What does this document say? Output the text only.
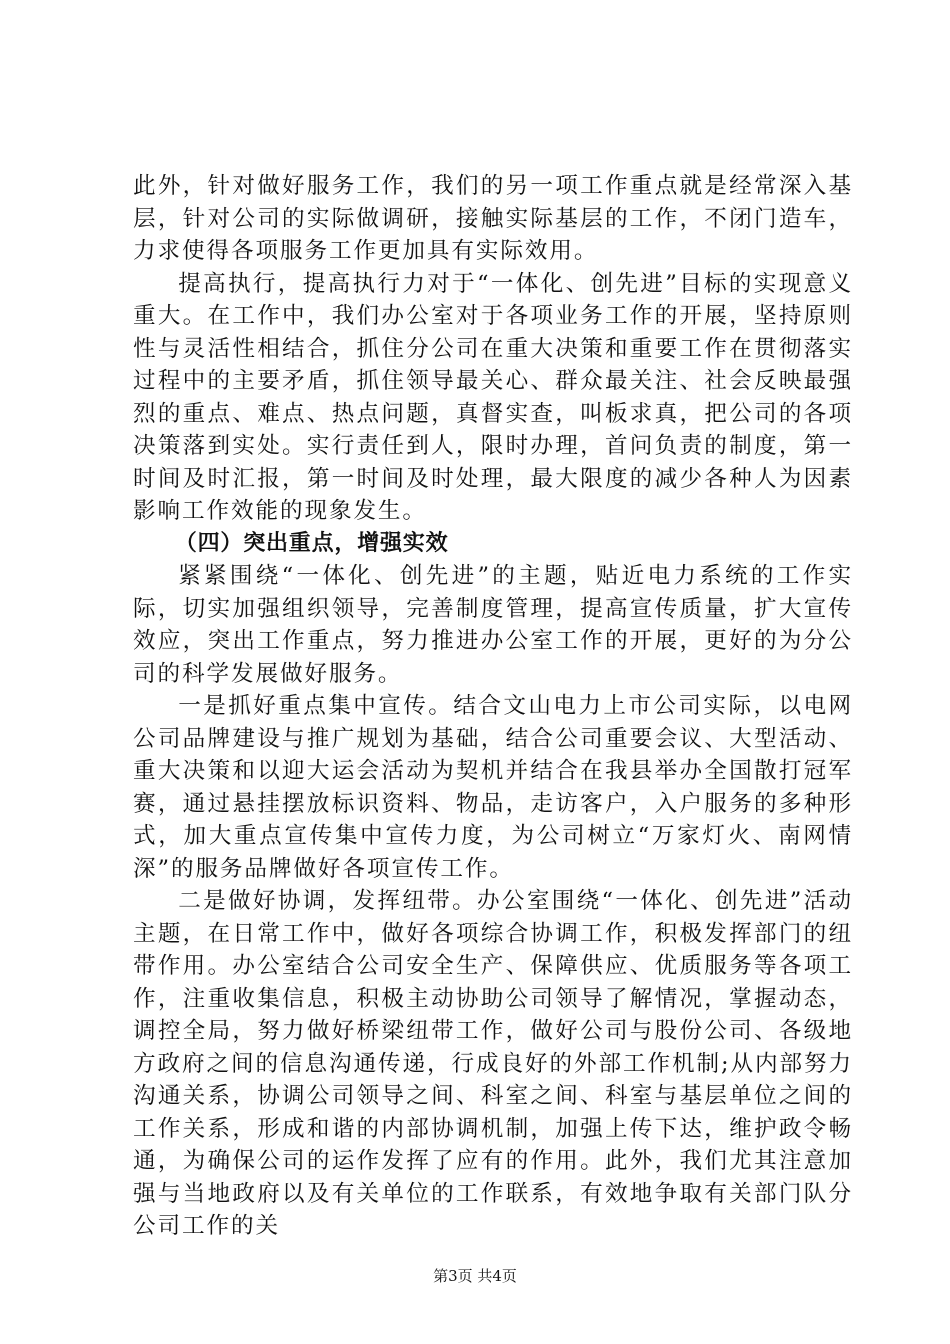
此外，针对做好服务工作，我们的另一项工作重点就是经常深入基层，针对公司的实际做调研，接触实际基层的工作，不闭门造车，力求使得各项服务工作更加具有实际效用。

提高执行，提高执行力对于“一体化、创先进”目标的实现意义重大。在工作中，我们办公室对于各项业务工作的开展，坚持原则性与灵活性相结合，抓住分公司在重大决策和重要工作在贯彻落实过程中的主要矛盾，抓住领导最关心、群众最关注、社会反映最强烈的重点、难点、热点问题，真督实查，叫板求真，把公司的各项决策落到实处。实行责任到人，限时办理，首问负责的制度，第一时间及时汇报，第一时间及时处理，最大限度的减少各种人为因素影响工作效能的现象发生。

（四）突出重点，增强实效

紧紧围绕“一体化、创先进”的主题，贴近电力系统的工作实际，切实加强组织领导，完善制度管理，提高宣传质量，扩大宣传效应，突出工作重点，努力推进办公室工作的开展，更好的为分公司的科学发展做好服务。

一是抓好重点集中宣传。结合文山电力上市公司实际，以电网公司品牌建设与推广规划为基础，结合公司重要会议、大型活动、重大决策和以迎大运会活动为契机并结合在我县举办全国散打冠军赛，通过悬挂摆放标识资料、物品，走访客户，入户服务的多种形式，加大重点宣传集中宣传力度，为公司树立“万家灯火、南网情深”的服务品牌做好各项宣传工作。

二是做好协调，发挥纽带。办公室围绕“一体化、创先进”活动主题，在日常工作中，做好各项综合协调工作，积极发挥部门的纽带作用。办公室结合公司安全生产、保障供应、优质服务等各项工作，注重收集信息，积极主动协助公司领导了解情况，掌握动态，调控全局，努力做好桥梁纽带工作，做好公司与股份公司、各级地方政府之间的信息沟通传递，行成良好的外部工作机制;从内部努力沟通关系，协调公司领导之间、科室之间、科室与基层单位之间的工作关系，形成和谐的内部协调机制，加强上传下达，维护政令畅通，为确保公司的运作发挥了应有的作用。此外，我们尤其注意加强与当地政府以及有关单位的工作联系，有效地争取有关部门队分公司工作的关

第3页 共4页
